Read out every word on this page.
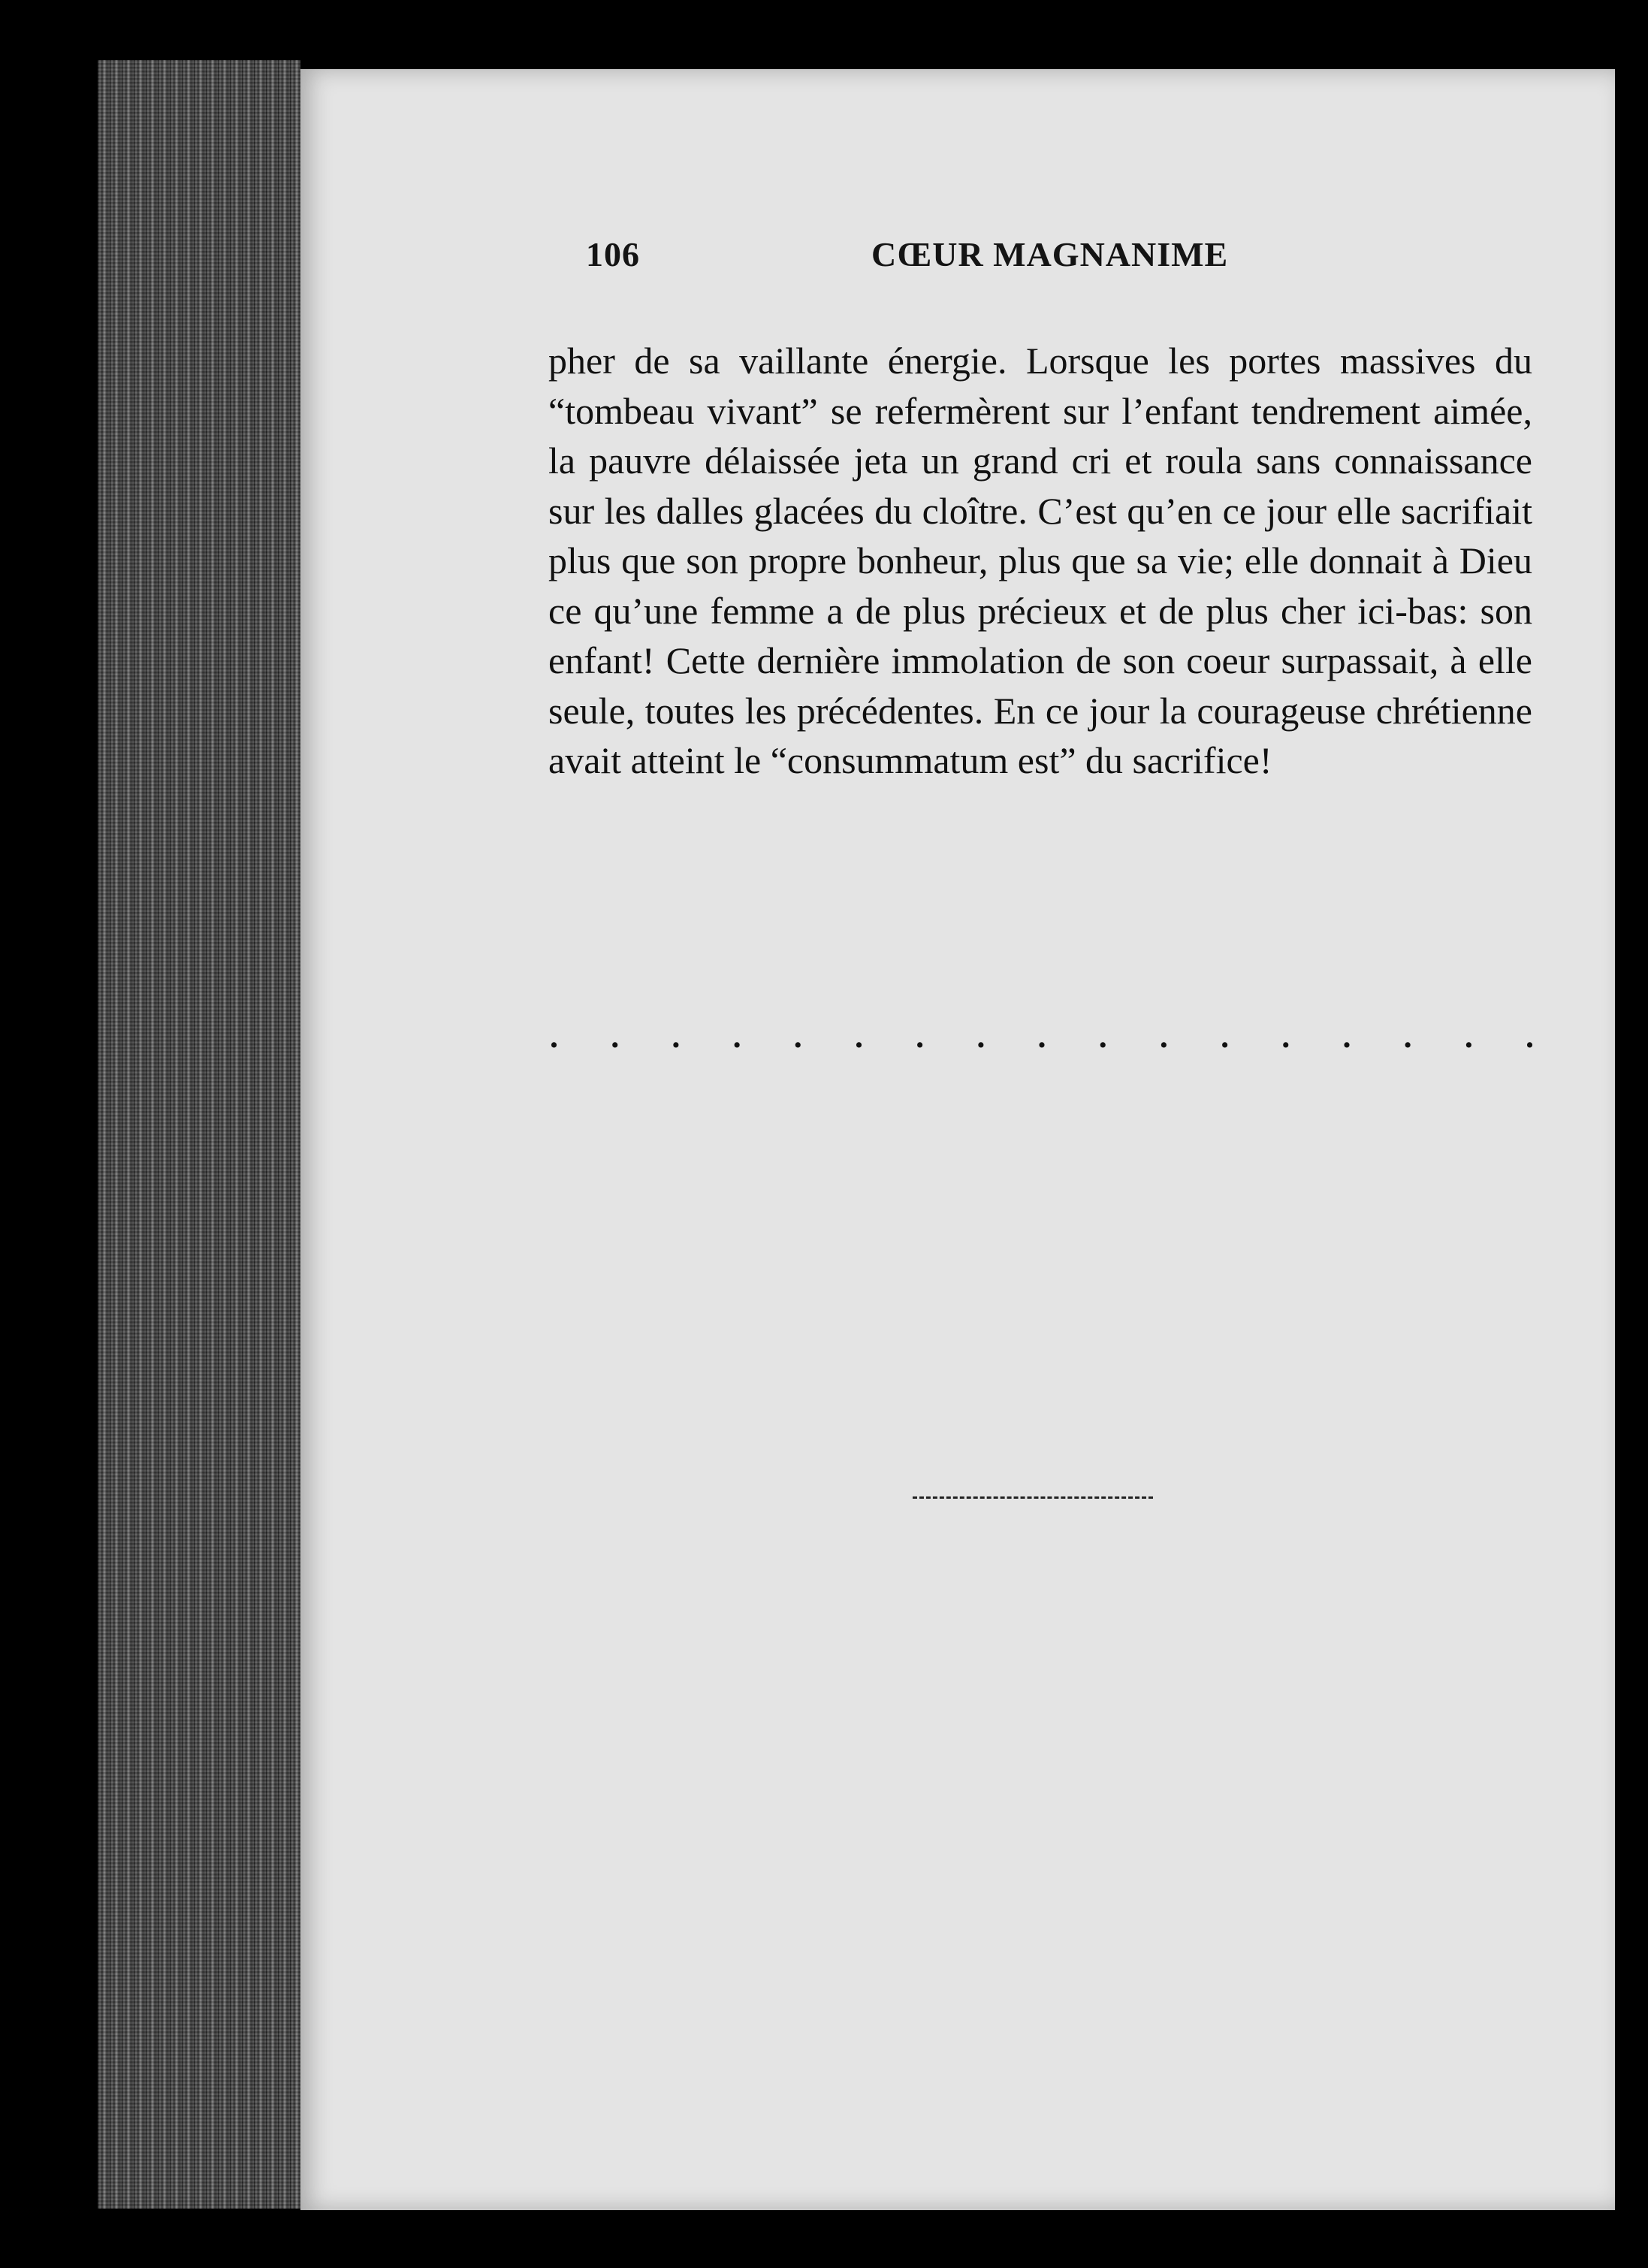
106	CŒUR MAGNANIME

pher de sa vaillante énergie. Lorsque les portes massives du “tombeau vivant” se refermèrent sur l’enfant tendrement aimée, la pauvre délaissée jeta un grand cri et roula sans connaissance sur les dalles glacées du cloître. C’est qu’en ce jour elle sacrifiait plus que son propre bonheur, plus que sa vie; elle donnait à Dieu ce qu’une femme a de plus précieux et de plus cher ici-bas: son enfant! Cette dernière immolation de son coeur surpassait, à elle seule, toutes les précédentes. En ce jour la courageuse chrétienne avait atteint le “consummatum est” du sacrifice!

. . . . . . . . . . . . . . . . .
